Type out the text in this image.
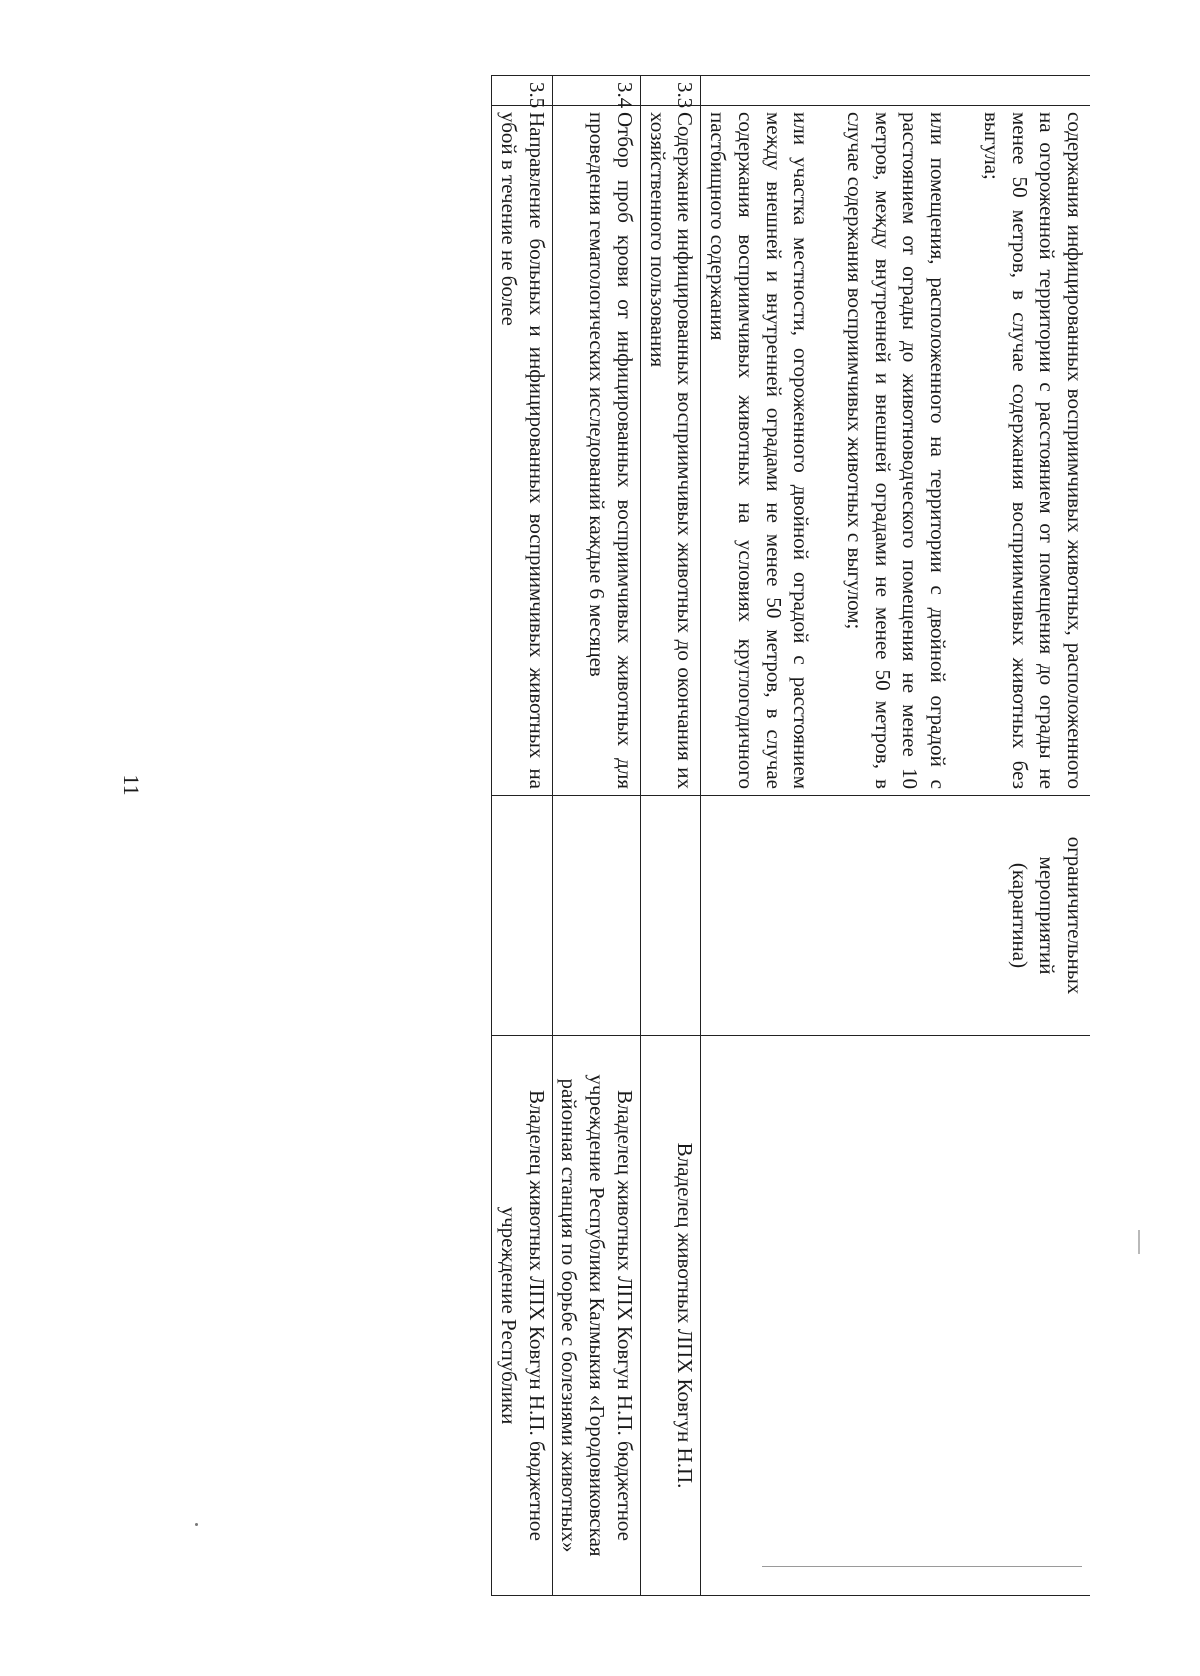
	содержания инфицированных восприимчивых животных, расположенного на огороженной территории с расстоянием от помещения до ограды не менее 50 метров, в случае содержания восприимчивых животных без выгула;

или помещения, расположенного на территории с двойной оградой с расстоянием от ограды до животноводческого помещения не менее 10 метров, между внутренней и внешней оградами не менее 50 метров, в случае содержания восприимчивых животных с выгулом;

или участка местности, огороженного двойной оградой с расстоянием между внешней и внутренней оградами не менее 50 метров, в случае содержания восприимчивых животных на условиях круглогодичного пастбищного содержания	ограничительных мероприятий (карантина)	
3.3	Содержание инфицированных восприимчивых животных до окончания их хозяйственного пользования		Владелец животных ЛПХ Ковгун Н.П.
3.4	Отбор проб крови от инфицированных восприимчивых животных для проведения гематологических исследований каждые 6 месяцев		Владелец животных ЛПХ Ковгун Н.П. бюджетное учреждение Республики Калмыкия «Городовиковская районная станция по борьбе с болезнями животных»
3.5	Направление больных и инфицированных восприимчивых животных на убой в течение не более		Владелец животных ЛПХ Ковгун Н.П. бюджетное учреждение Республики
11
